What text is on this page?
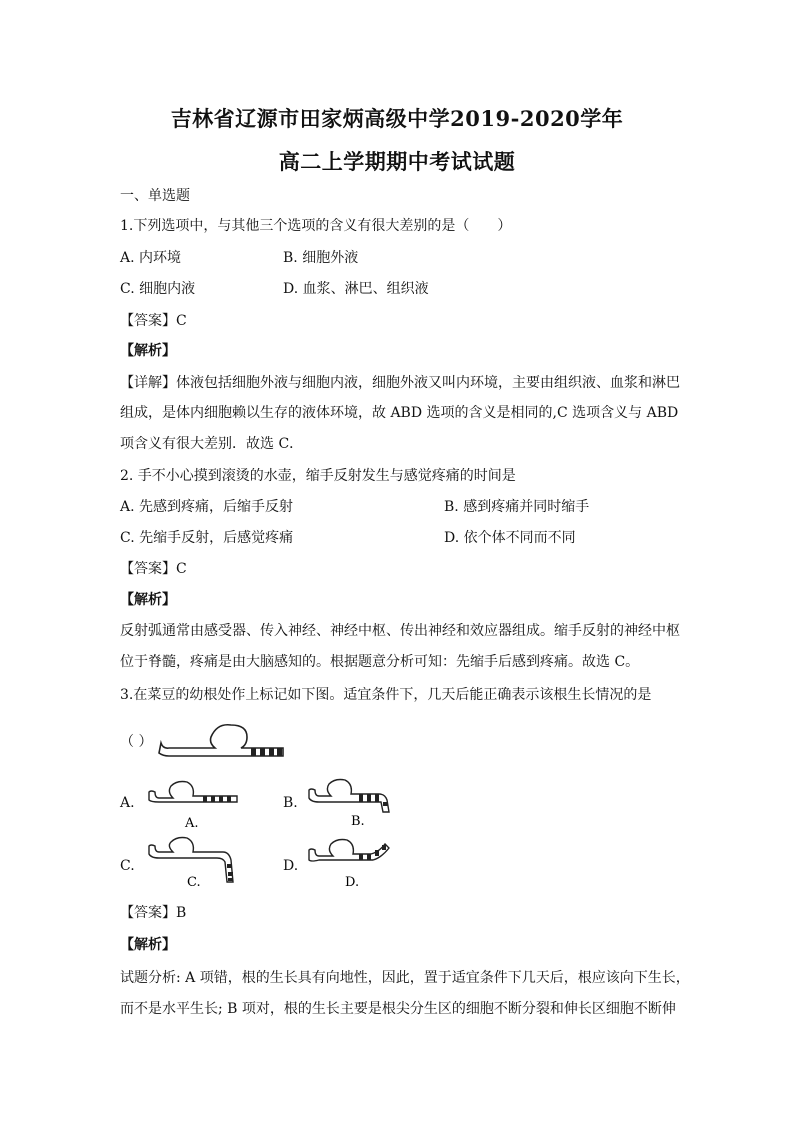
吉林省辽源市田家炳高级中学2019-2020学年
高二上学期期中考试试题
一、单选题
1.下列选项中，与其他三个选项的含义有很大差别的是（　　）
A. 内环境	B. 细胞外液
C. 细胞内液	D. 血浆、淋巴、组织液
【答案】C
【解析】
【详解】体液包括细胞外液与细胞内液，细胞外液又叫内环境，主要由组织液、血浆和淋巴
组成，是体内细胞赖以生存的液体环境，故 ABD 选项的含义是相同的,C 选项含义与 ABD
项含义有很大差别．故选 C．
2. 手不小心摸到滚烫的水壶，缩手反射发生与感觉疼痛的时间是
A. 先感到疼痛，后缩手反射	B. 感到疼痛并同时缩手
C. 先缩手反射，后感觉疼痛	D. 依个体不同而不同
【答案】C
【解析】
反射弧通常由感受器、传入神经、神经中枢、传出神经和效应器组成。缩手反射的神经中枢
位于脊髓，疼痛是由大脑感知的。根据题意分析可知：先缩手后感到疼痛。故选 C。
3.在菜豆的幼根处作上标记如下图。适宜条件下，几天后能正确表示该根生长情况的是
（ ）
A.
A.
B.
B.
C.
C.
D.
D.
【答案】B
【解析】
试题分析: A 项错，根的生长具有向地性，因此，置于适宜条件下几天后，根应该向下生长，
而不是水平生长; B 项对，根的生长主要是根尖分生区的细胞不断分裂和伸长区细胞不断伸
